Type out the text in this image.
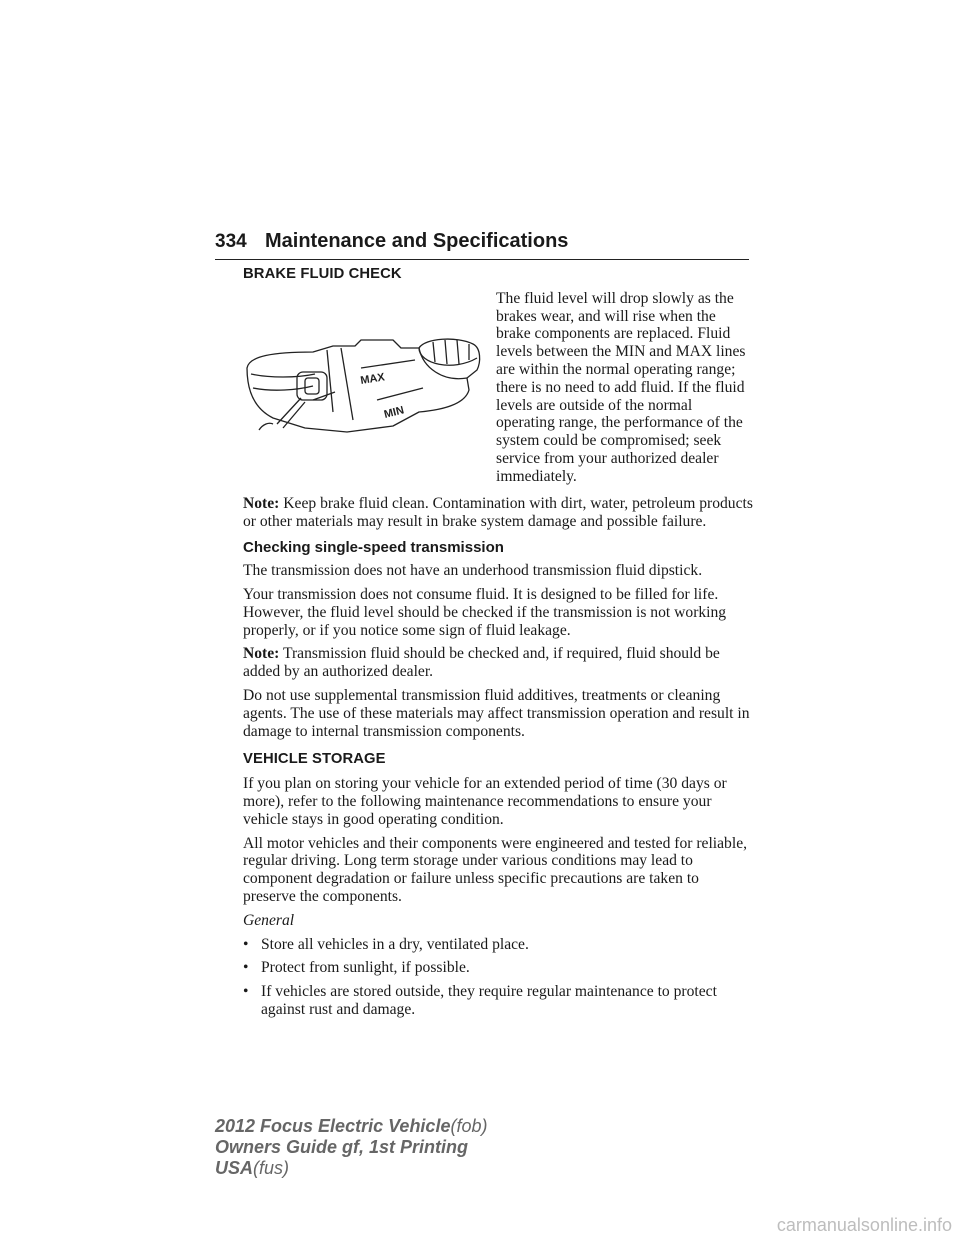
334 Maintenance and Specifications
BRAKE FLUID CHECK
MAX
MIN

The fluid level will drop slowly as the brakes wear, and will rise when the brake components are replaced. Fluid levels between the MIN and MAX lines are within the normal operating range; there is no need to add fluid. If the fluid levels are outside of the normal operating range, the performance of the system could be compromised; seek service from your authorized dealer immediately.

Note: Keep brake fluid clean. Contamination with dirt, water, petroleum products or other materials may result in brake system damage and possible failure.

Checking single-speed transmission

The transmission does not have an underhood transmission fluid dipstick.

Your transmission does not consume fluid. It is designed to be filled for life. However, the fluid level should be checked if the transmission is not working properly, or if you notice some sign of fluid leakage.

Note: Transmission fluid should be checked and, if required, fluid should be added by an authorized dealer.

Do not use supplemental transmission fluid additives, treatments or cleaning agents. The use of these materials may affect transmission operation and result in damage to internal transmission components.

VEHICLE STORAGE

If you plan on storing your vehicle for an extended period of time (30 days or more), refer to the following maintenance recommendations to ensure your vehicle stays in good operating condition.

All motor vehicles and their components were engineered and tested for reliable, regular driving. Long term storage under various conditions may lead to component degradation or failure unless specific precautions are taken to preserve the components.

General

• Store all vehicles in a dry, ventilated place.
• Protect from sunlight, if possible.
• If vehicles are stored outside, they require regular maintenance to protect against rust and damage.
2012 Focus Electric Vehicle(fob)
Owners Guide gf, 1st Printing
USA(fus)
carmanualsonline.info
